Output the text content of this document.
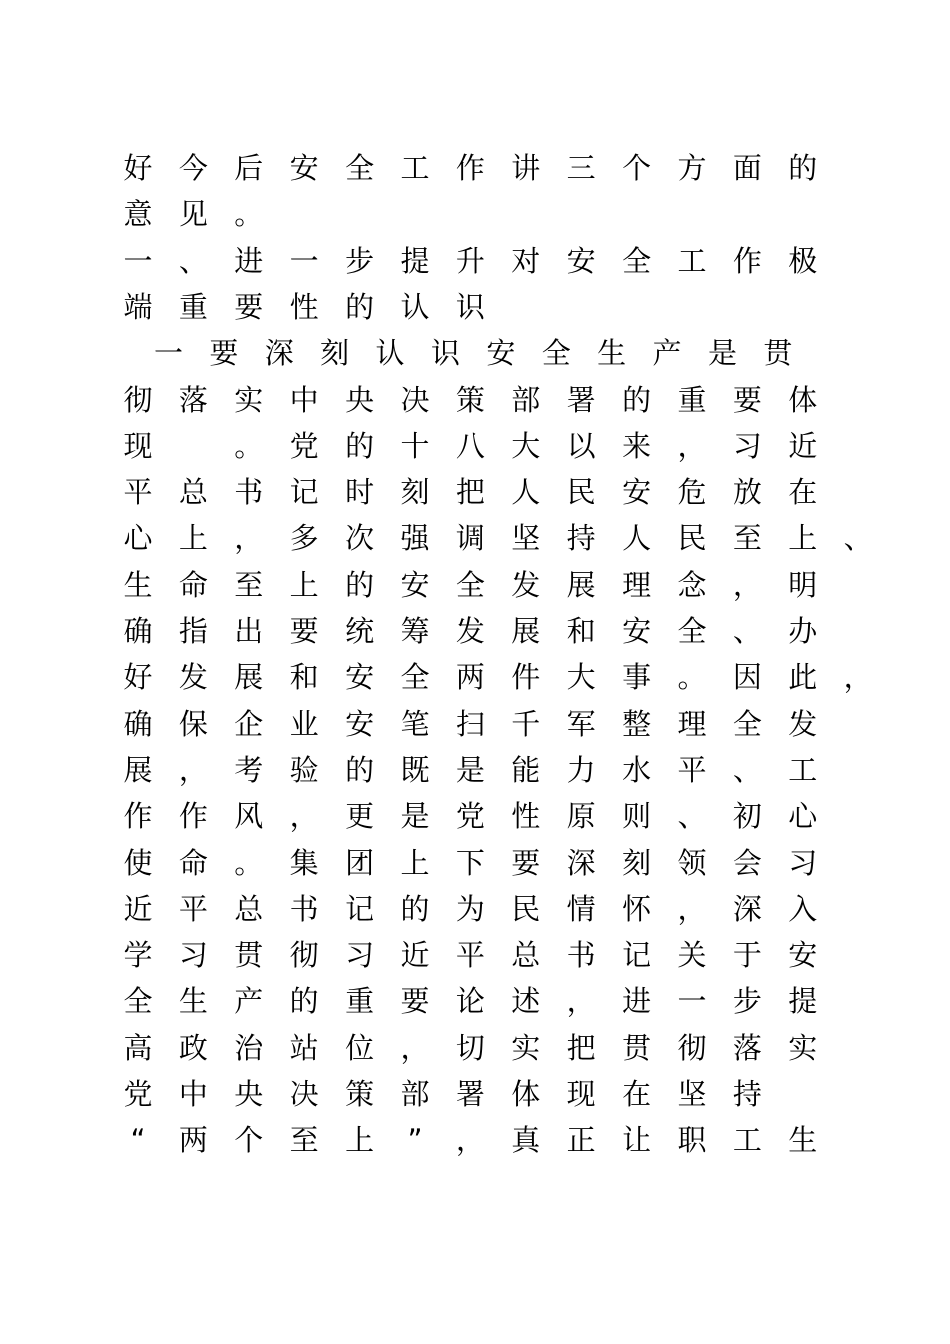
好 今 后 安 全 工 作 讲 三 个 方 面 的
意 见 。
一 、 进 一 步 提 升 对 安 全 工 作 极
端 重 要 性 的 认 识
一 要 深 刻 认 识 安 全 生 产 是 贯
彻 落 实 中 央 决 策 部 署 的 重 要 体
现
	。 党 的 十 八 大 以 来 ， 习 近
平 总 书 记 时 刻 把 人 民 安 危 放 在
心 上 ， 多 次 强 调 坚 持 人 民 至 上 、
生 命 至 上 的 安 全 发 展 理 念 ， 明
确 指 出 要 统 筹 发 展 和 安 全 、 办
好 发 展 和 安 全 两 件 大 事 。 因 此 ，
确 保 企 业 安 笔 扫 千 军 整 理 全 发
展 ， 考 验 的 既 是 能 力 水 平 、 工
作 作 风 ， 更 是 党 性 原 则 、 初 心
使 命 。 集 团 上 下 要 深 刻 领 会 习
近 平 总 书 记 的 为 民 情 怀 ， 深 入
学 习 贯 彻 习 近 平 总 书 记 关 于 安
全 生 产 的 重 要 论 述 ， 进 一 步 提
高 政 治 站 位 ， 切 实 把 贯 彻 落 实
党 中 央 决 策 部 署 体 现 在 坚 持
“ 两 个 至 上 ” ， 真 正 让 职 工 生
